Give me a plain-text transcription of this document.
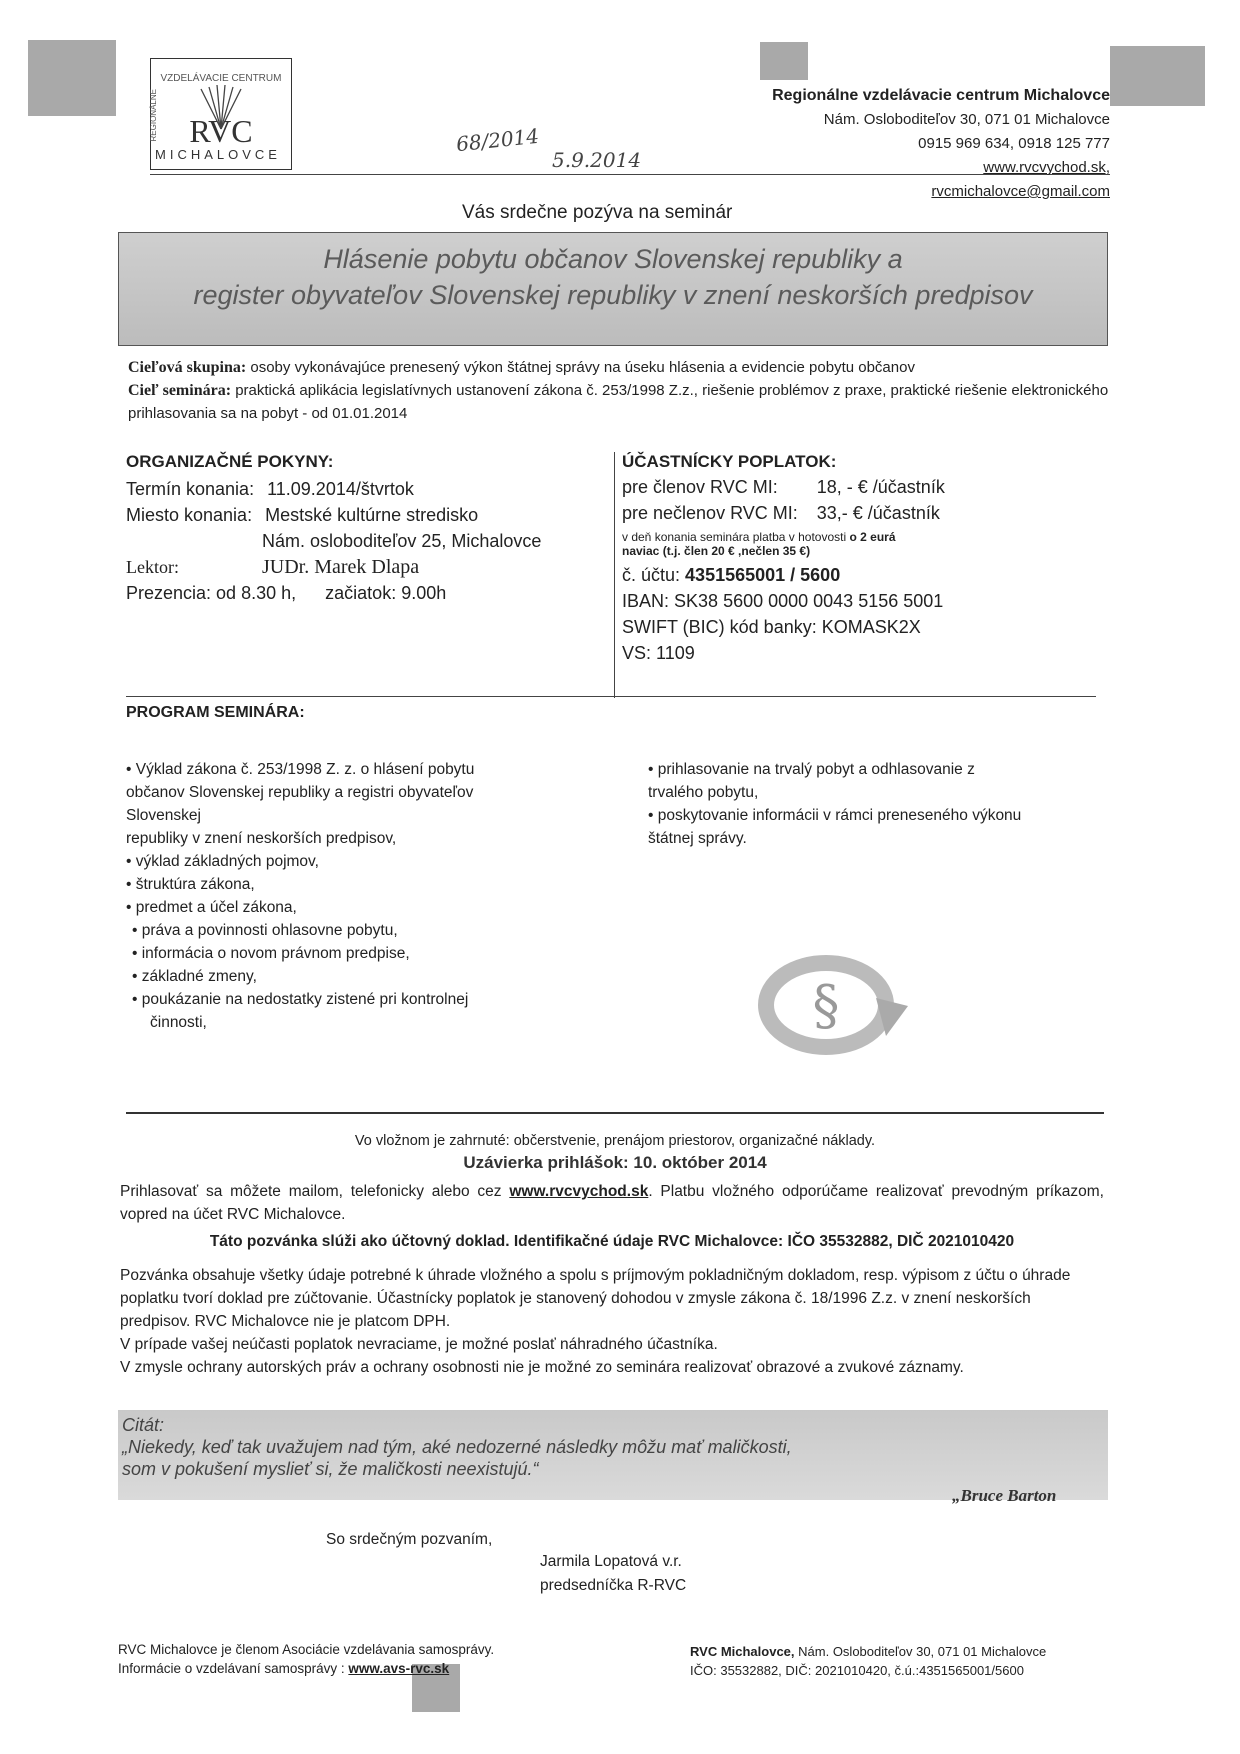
VZDELÁVACIE CENTRUM
RVC
MICHALOVCE
REGIONÁLNE	68/2014
5.9.2014
Regionálne vzdelávacie centrum Michalovce
Nám. Osloboditeľov 30, 071 01 Michalovce
0915 969 634, 0918 125 777
www.rvcvychod.sk,
rvcmichalovce@gmail.com
Vás srdečne pozýva na seminár
Hlásenie pobytu občanov Slovenskej republiky a
register obyvateľov Slovenskej republiky v znení neskorších predpisov
Cieľová skupina: osoby vykonávajúce prenesený výkon štátnej správy na úseku hlásenia a evidencie pobytu občanov
Cieľ seminára: praktická aplikácia legislatívnych ustanovení zákona č. 253/1998 Z.z., riešenie problémov z praxe, praktické riešenie elektronického prihlasovania sa na pobyt - od 01.01.2014
ORGANIZAČNÉ POKYNY:
Termín konania: 11.09.2014/štvrtok
Miesto konania: Mestské kultúrne stredisko
Nám. osloboditeľov 25, Michalovce
Lektor:	JUDr. Marek Dlapa
Prezencia: od 8.30 h, začiatok: 9.00h
ÚČASTNÍCKY POPLATOK:
pre členov RVC MI: 18, - € /účastník
pre nečlenov RVC MI: 33,- € /účastník
v deň konania seminára platba v hotovosti o 2 eurá
naviac (t.j. člen 20 € ,nečlen 35 €)
č. účtu: 4351565001 / 5600
IBAN: SK38 5600 0000 0043 5156 5001
SWIFT (BIC) kód banky: KOMASK2X
VS: 1109
PROGRAM SEMINÁRA:
• Výklad zákona č. 253/1998 Z. z. o hlásení pobytu
občanov Slovenskej republiky a registri obyvateľov
Slovenskej
republiky v znení neskorších predpisov,
• výklad základných pojmov,
• štruktúra zákona,
• predmet a účel zákona,
• práva a povinnosti ohlasovne pobytu,
• informácia o novom právnom predpise,
• základné zmeny,
• poukázanie na nedostatky zistené pri kontrolnej
činnosti,
• prihlasovanie na trvalý pobyt a odhlasovanie z
trvalého pobytu,
• poskytovanie informácii v rámci preneseného výkonu
štátnej správy.
§
Vo vložnom je zahrnuté: občerstvenie, prenájom priestorov, organizačné náklady.
Uzávierka prihlášok: 10. október 2014
Prihlasovať sa môžete mailom, telefonicky alebo cez www.rvcvychod.sk. Platbu vložného odporúčame realizovať prevodným príkazom, vopred na účet RVC Michalovce.
Táto pozvánka slúži ako účtovný doklad. Identifikačné údaje RVC Michalovce: IČO 35532882, DIČ 2021010420
Pozvánka obsahuje všetky údaje potrebné k úhrade vložného a spolu s príjmovým pokladničným dokladom, resp. výpisom z účtu o úhrade poplatku tvorí doklad pre zúčtovanie. Účastnícky poplatok je stanovený dohodou v zmysle zákona č. 18/1996 Z.z. v znení neskorších predpisov. RVC Michalovce nie je platcom DPH.
V prípade vašej neúčasti poplatok nevraciame, je možné poslať náhradného účastníka.
V zmysle ochrany autorských práv a ochrany osobnosti nie je možné zo seminára realizovať obrazové a zvukové záznamy.
Citát:
„Niekedy, keď tak uvažujem nad tým, aké nedozerné následky môžu mať maličkosti,
som v pokušení myslieť si, že maličkosti neexistujú.“
„Bruce Barton
So srdečným pozvaním,
Jarmila Lopatová v.r.
predsedníčka R-RVC
RVC Michalovce je členom Asociácie vzdelávania samosprávy.
Informácie o vzdelávaní samosprávy : www.avs-rvc.sk
RVC Michalovce, Nám. Osloboditeľov 30, 071 01 Michalovce
IČO: 35532882, DIČ: 2021010420, č.ú.:4351565001/5600
